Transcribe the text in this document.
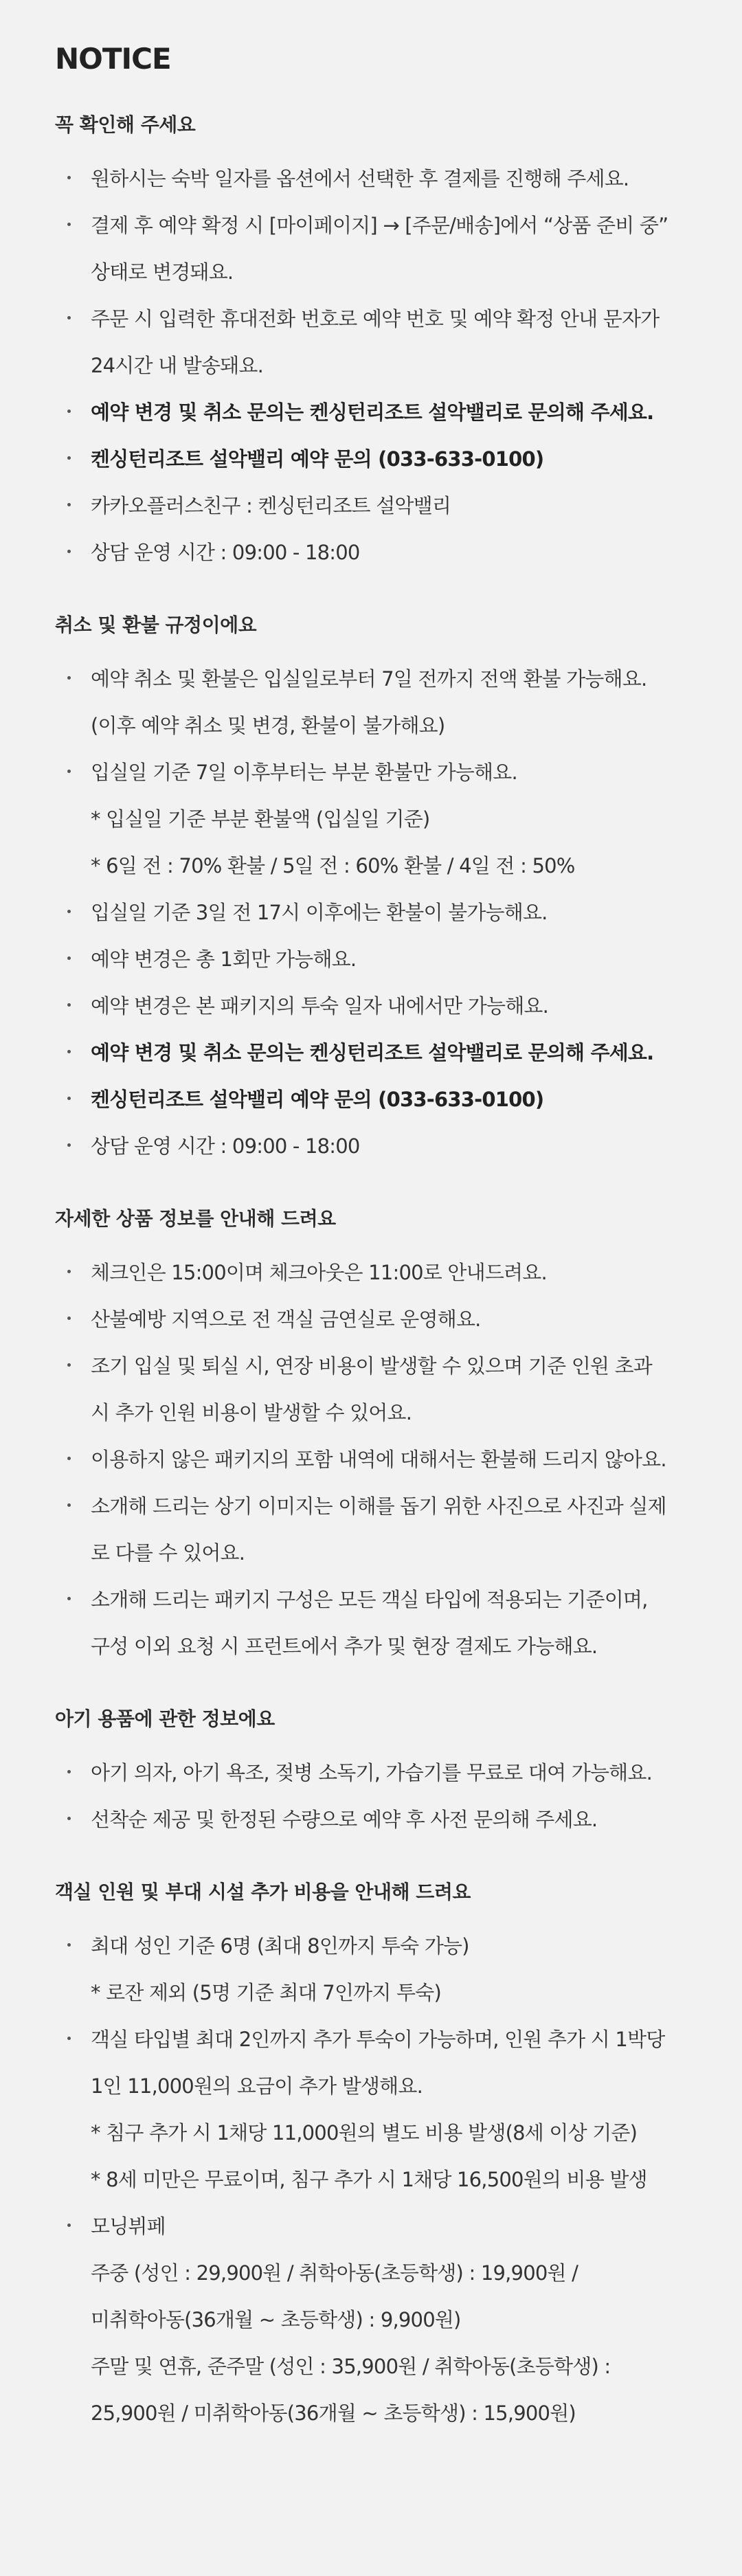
NOTICE
꼭 확인해 주세요
원하시는 숙박 일자를 옵션에서 선택한 후 결제를 진행해 주세요.
결제 후 예약 확정 시 [마이페이지] → [주문/배송]에서 “상품 준비 중”
상태로 변경돼요.
주문 시 입력한 휴대전화 번호로 예약 번호 및 예약 확정 안내 문자가
24시간 내 발송돼요.
예약 변경 및 취소 문의는 켄싱턴리조트 설악밸리로 문의해 주세요.
켄싱턴리조트 설악밸리 예약 문의 (033-633-0100)
카카오플러스친구 : 켄싱턴리조트 설악밸리
상담 운영 시간 : 09:00 - 18:00
취소 및 환불 규정이에요
예약 취소 및 환불은 입실일로부터 7일 전까지 전액 환불 가능해요.
(이후 예약 취소 및 변경, 환불이 불가해요)
입실일 기준 7일 이후부터는 부분 환불만 가능해요.
* 입실일 기준 부분 환불액 (입실일 기준)
* 6일 전 : 70% 환불 / 5일 전 : 60% 환불 / 4일 전 : 50%
입실일 기준 3일 전 17시 이후에는 환불이 불가능해요.
예약 변경은 총 1회만 가능해요.
예약 변경은 본 패키지의 투숙 일자 내에서만 가능해요.
예약 변경 및 취소 문의는 켄싱턴리조트 설악밸리로 문의해 주세요.
켄싱턴리조트 설악밸리 예약 문의 (033-633-0100)
상담 운영 시간 : 09:00 - 18:00
자세한 상품 정보를 안내해 드려요
체크인은 15:00이며 체크아웃은 11:00로 안내드려요.
산불예방 지역으로 전 객실 금연실로 운영해요.
조기 입실 및 퇴실 시, 연장 비용이 발생할 수 있으며 기준 인원 초과
시 추가 인원 비용이 발생할 수 있어요.
이용하지 않은 패키지의 포함 내역에 대해서는 환불해 드리지 않아요.
소개해 드리는 상기 이미지는 이해를 돕기 위한 사진으로 사진과 실제
로 다를 수 있어요.
소개해 드리는 패키지 구성은 모든 객실 타입에 적용되는 기준이며,
구성 이외 요청 시 프런트에서 추가 및 현장 결제도 가능해요.
아기 용품에 관한 정보에요
아기 의자, 아기 욕조, 젖병 소독기, 가습기를 무료로 대여 가능해요.
선착순 제공 및 한정된 수량으로 예약 후 사전 문의해 주세요.
객실 인원 및 부대 시설 추가 비용을 안내해 드려요
최대 성인 기준 6명 (최대 8인까지 투숙 가능)
* 로잔 제외 (5명 기준 최대 7인까지 투숙)
객실 타입별 최대 2인까지 추가 투숙이 가능하며, 인원 추가 시 1박당
1인 11,000원의 요금이 추가 발생해요.
* 침구 추가 시 1채당 11,000원의 별도 비용 발생(8세 이상 기준)
* 8세 미만은 무료이며, 침구 추가 시 1채당 16,500원의 비용 발생
모닝뷔페
주중 (성인 : 29,900원 / 취학아동(초등학생) : 19,900원 /
미취학아동(36개월 ~ 초등학생) : 9,900원)
주말 및 연휴, 준주말 (성인 : 35,900원 / 취학아동(초등학생) :
25,900원 / 미취학아동(36개월 ~ 초등학생) : 15,900원)
